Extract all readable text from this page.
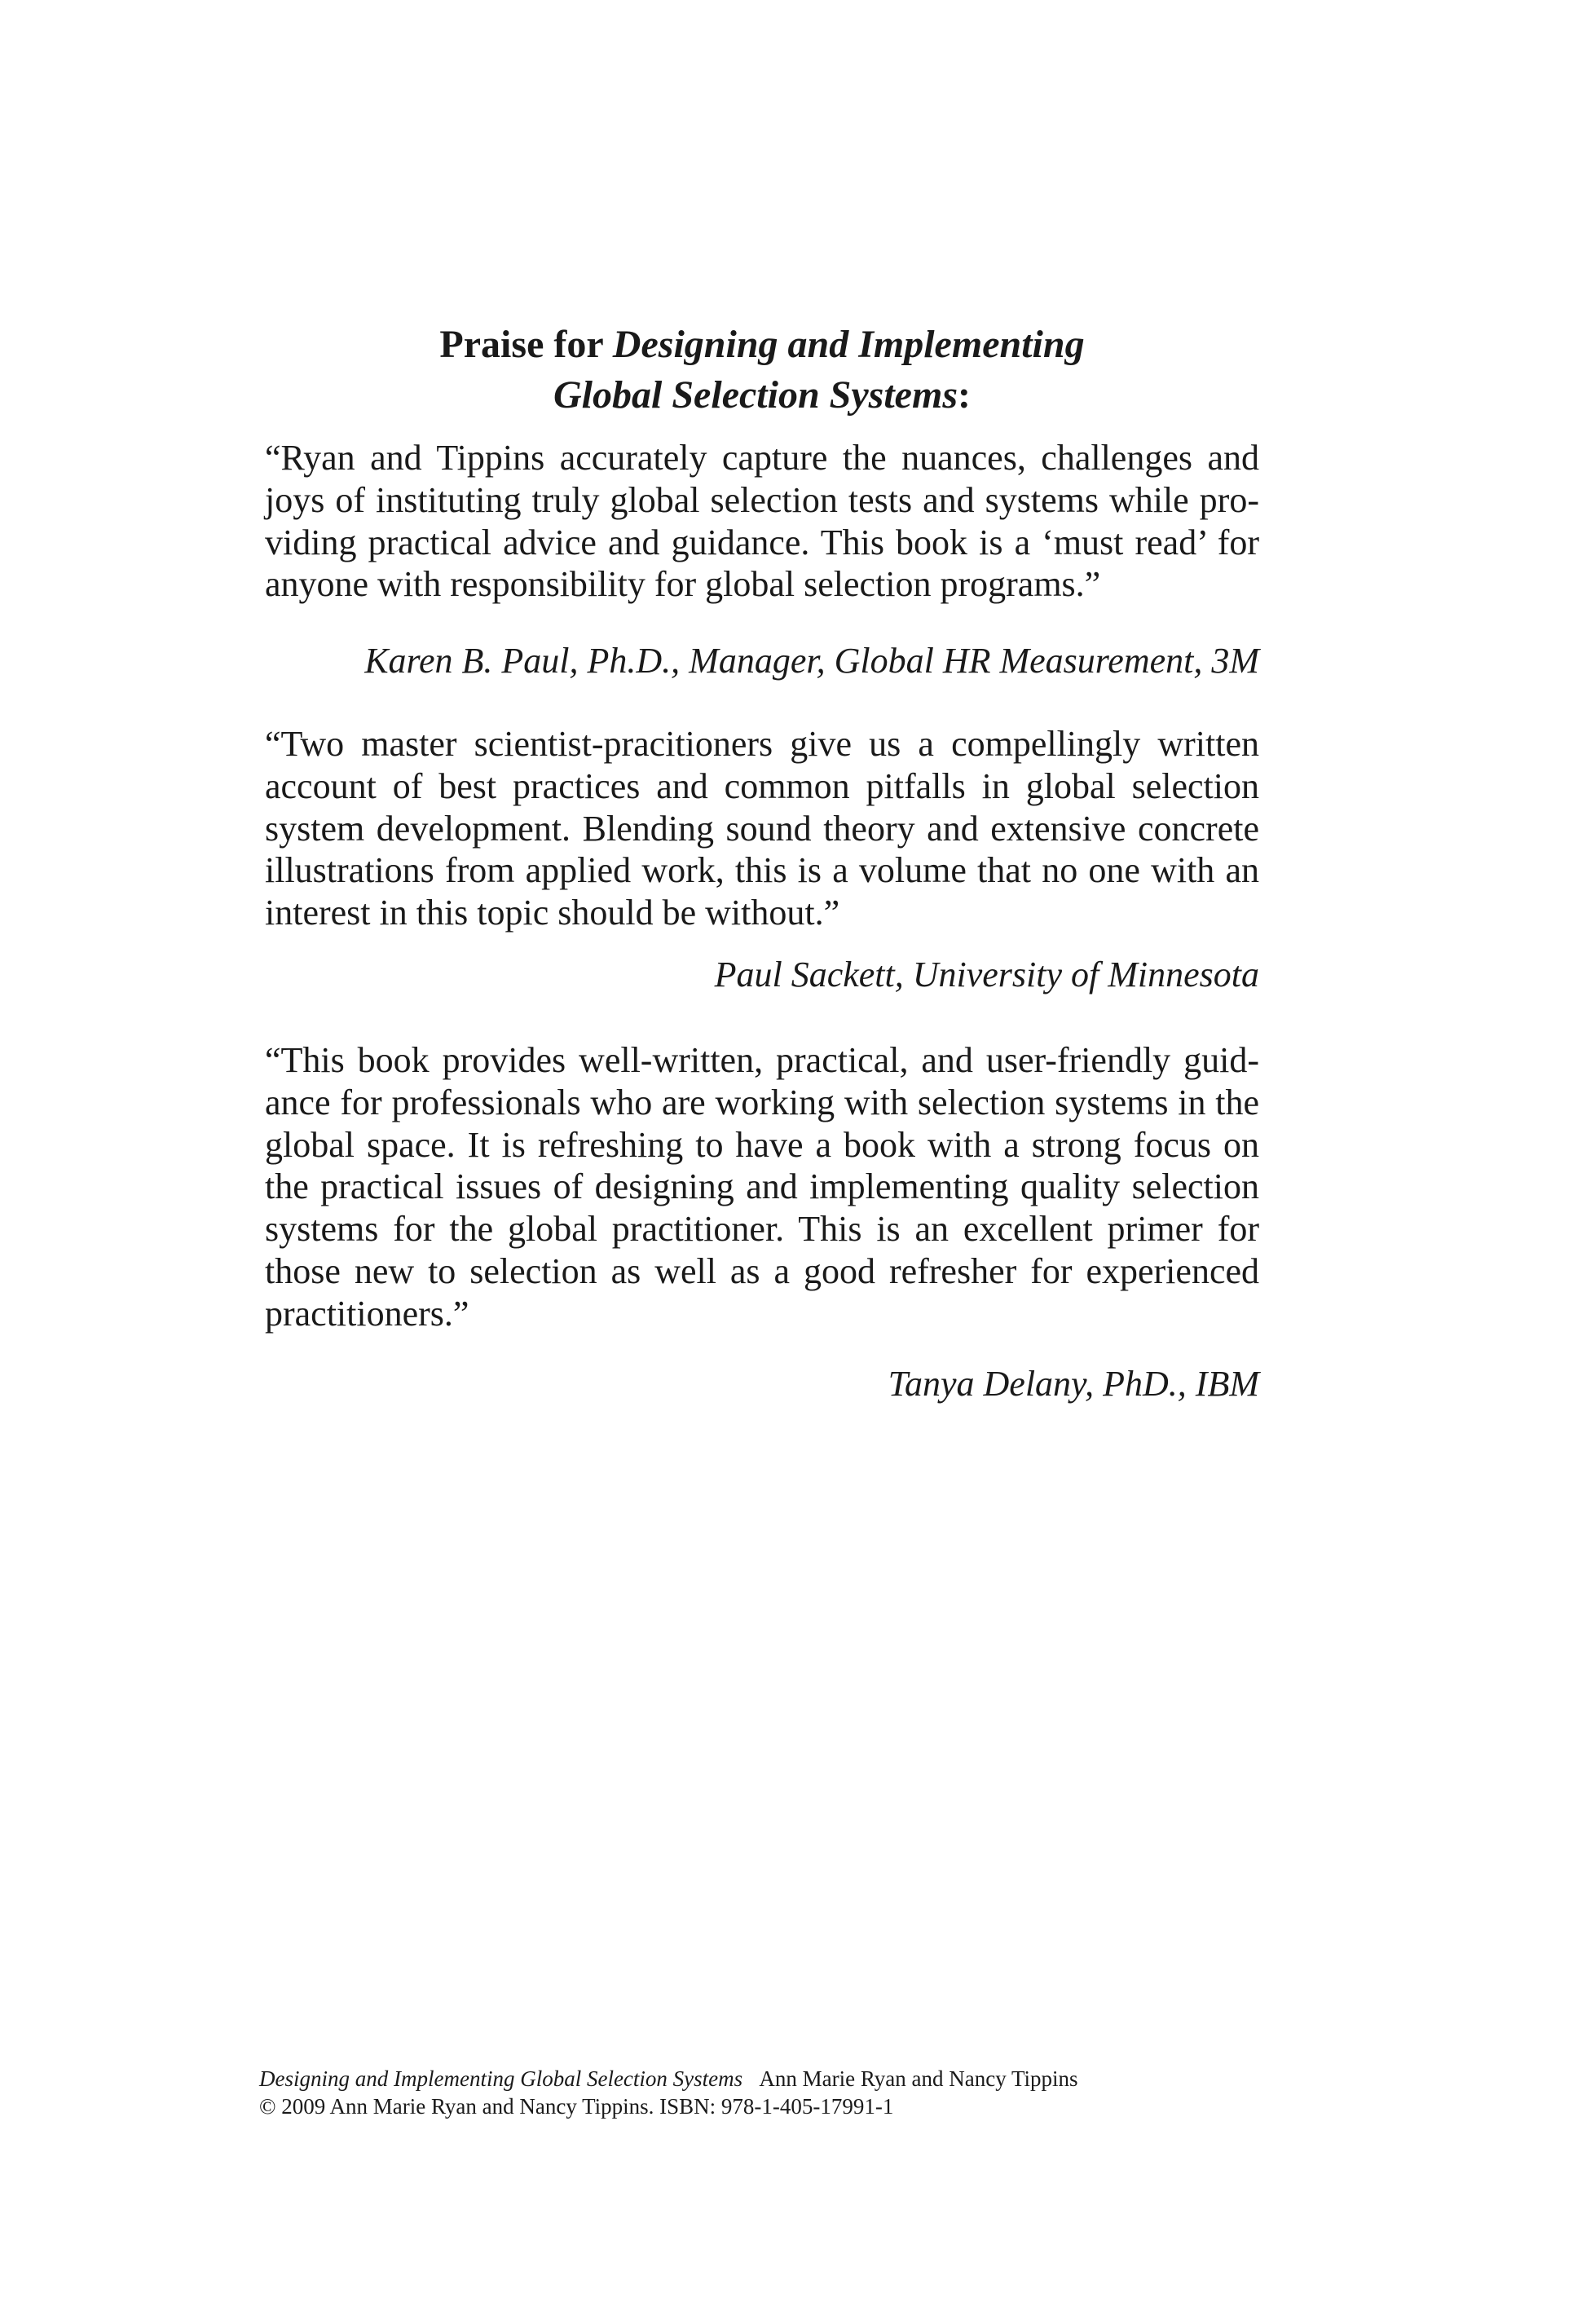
Praise for Designing and Implementing
Global Selection Systems:
“Ryan and Tippins accurately capture the nuances, challenges and joys of instituting truly global selection tests and systems while providing practical advice and guidance. This book is a ‘must read’ for anyone with responsibility for global selection programs.”
Karen B. Paul, Ph.D., Manager, Global HR Measurement, 3M
“Two master scientist-pracitioners give us a compellingly written account of best practices and common pitfalls in global selection system development. Blending sound theory and extensive concrete illustrations from applied work, this is a volume that no one with an interest in this topic should be without.”
Paul Sackett, University of Minnesota
“This book provides well-written, practical, and user-friendly guidance for professionals who are working with selection systems in the global space. It is refreshing to have a book with a strong focus on the practical issues of designing and implementing quality selection systems for the global practitioner. This is an excellent primer for those new to selection as well as a good refresher for experienced practitioners.”
Tanya Delany, PhD., IBM
Designing and Implementing Global Selection Systems Ann Marie Ryan and Nancy Tippins
© 2009 Ann Marie Ryan and Nancy Tippins. ISBN: 978-1-405-17991-1
